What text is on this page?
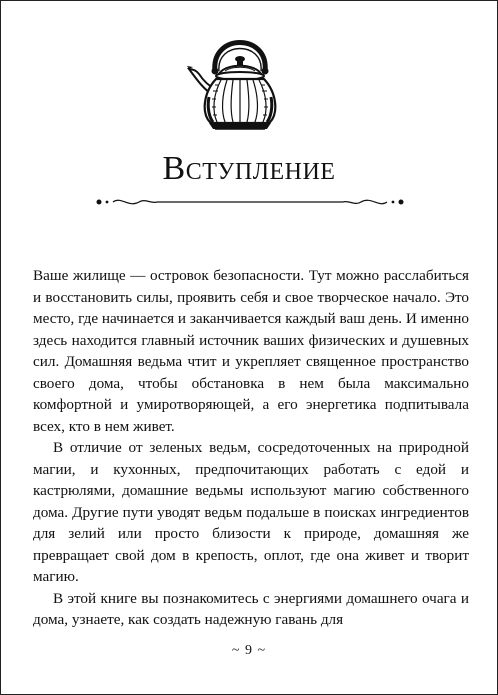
Вступление

Ваше жилище — островок безопасности. Тут можно расслабиться и восстановить силы, проявить себя и свое творческое начало. Это место, где начинается и заканчивается каждый ваш день. И именно здесь находится главный источник ваших физических и душевных сил. Домашняя ведьма чтит и укрепляет священное пространство своего дома, чтобы обстановка в нем была максимально комфортной и умиротворяющей, а его энергетика подпитывала всех, кто в нем живет.

В отличие от зеленых ведьм, сосредоточенных на природной магии, и кухонных, предпочитающих работать с едой и кастрюлями, домашние ведьмы используют магию собственного дома. Другие пути уводят ведьм подальше в поисках ингредиентов для зелий или просто близости к природе, домашняя же превращает свой дом в крепость, оплот, где она живет и творит магию.

В этой книге вы познакомитесь с энергиями домашнего очага и дома, узнаете, как создать надежную гавань для

~ 9 ~
